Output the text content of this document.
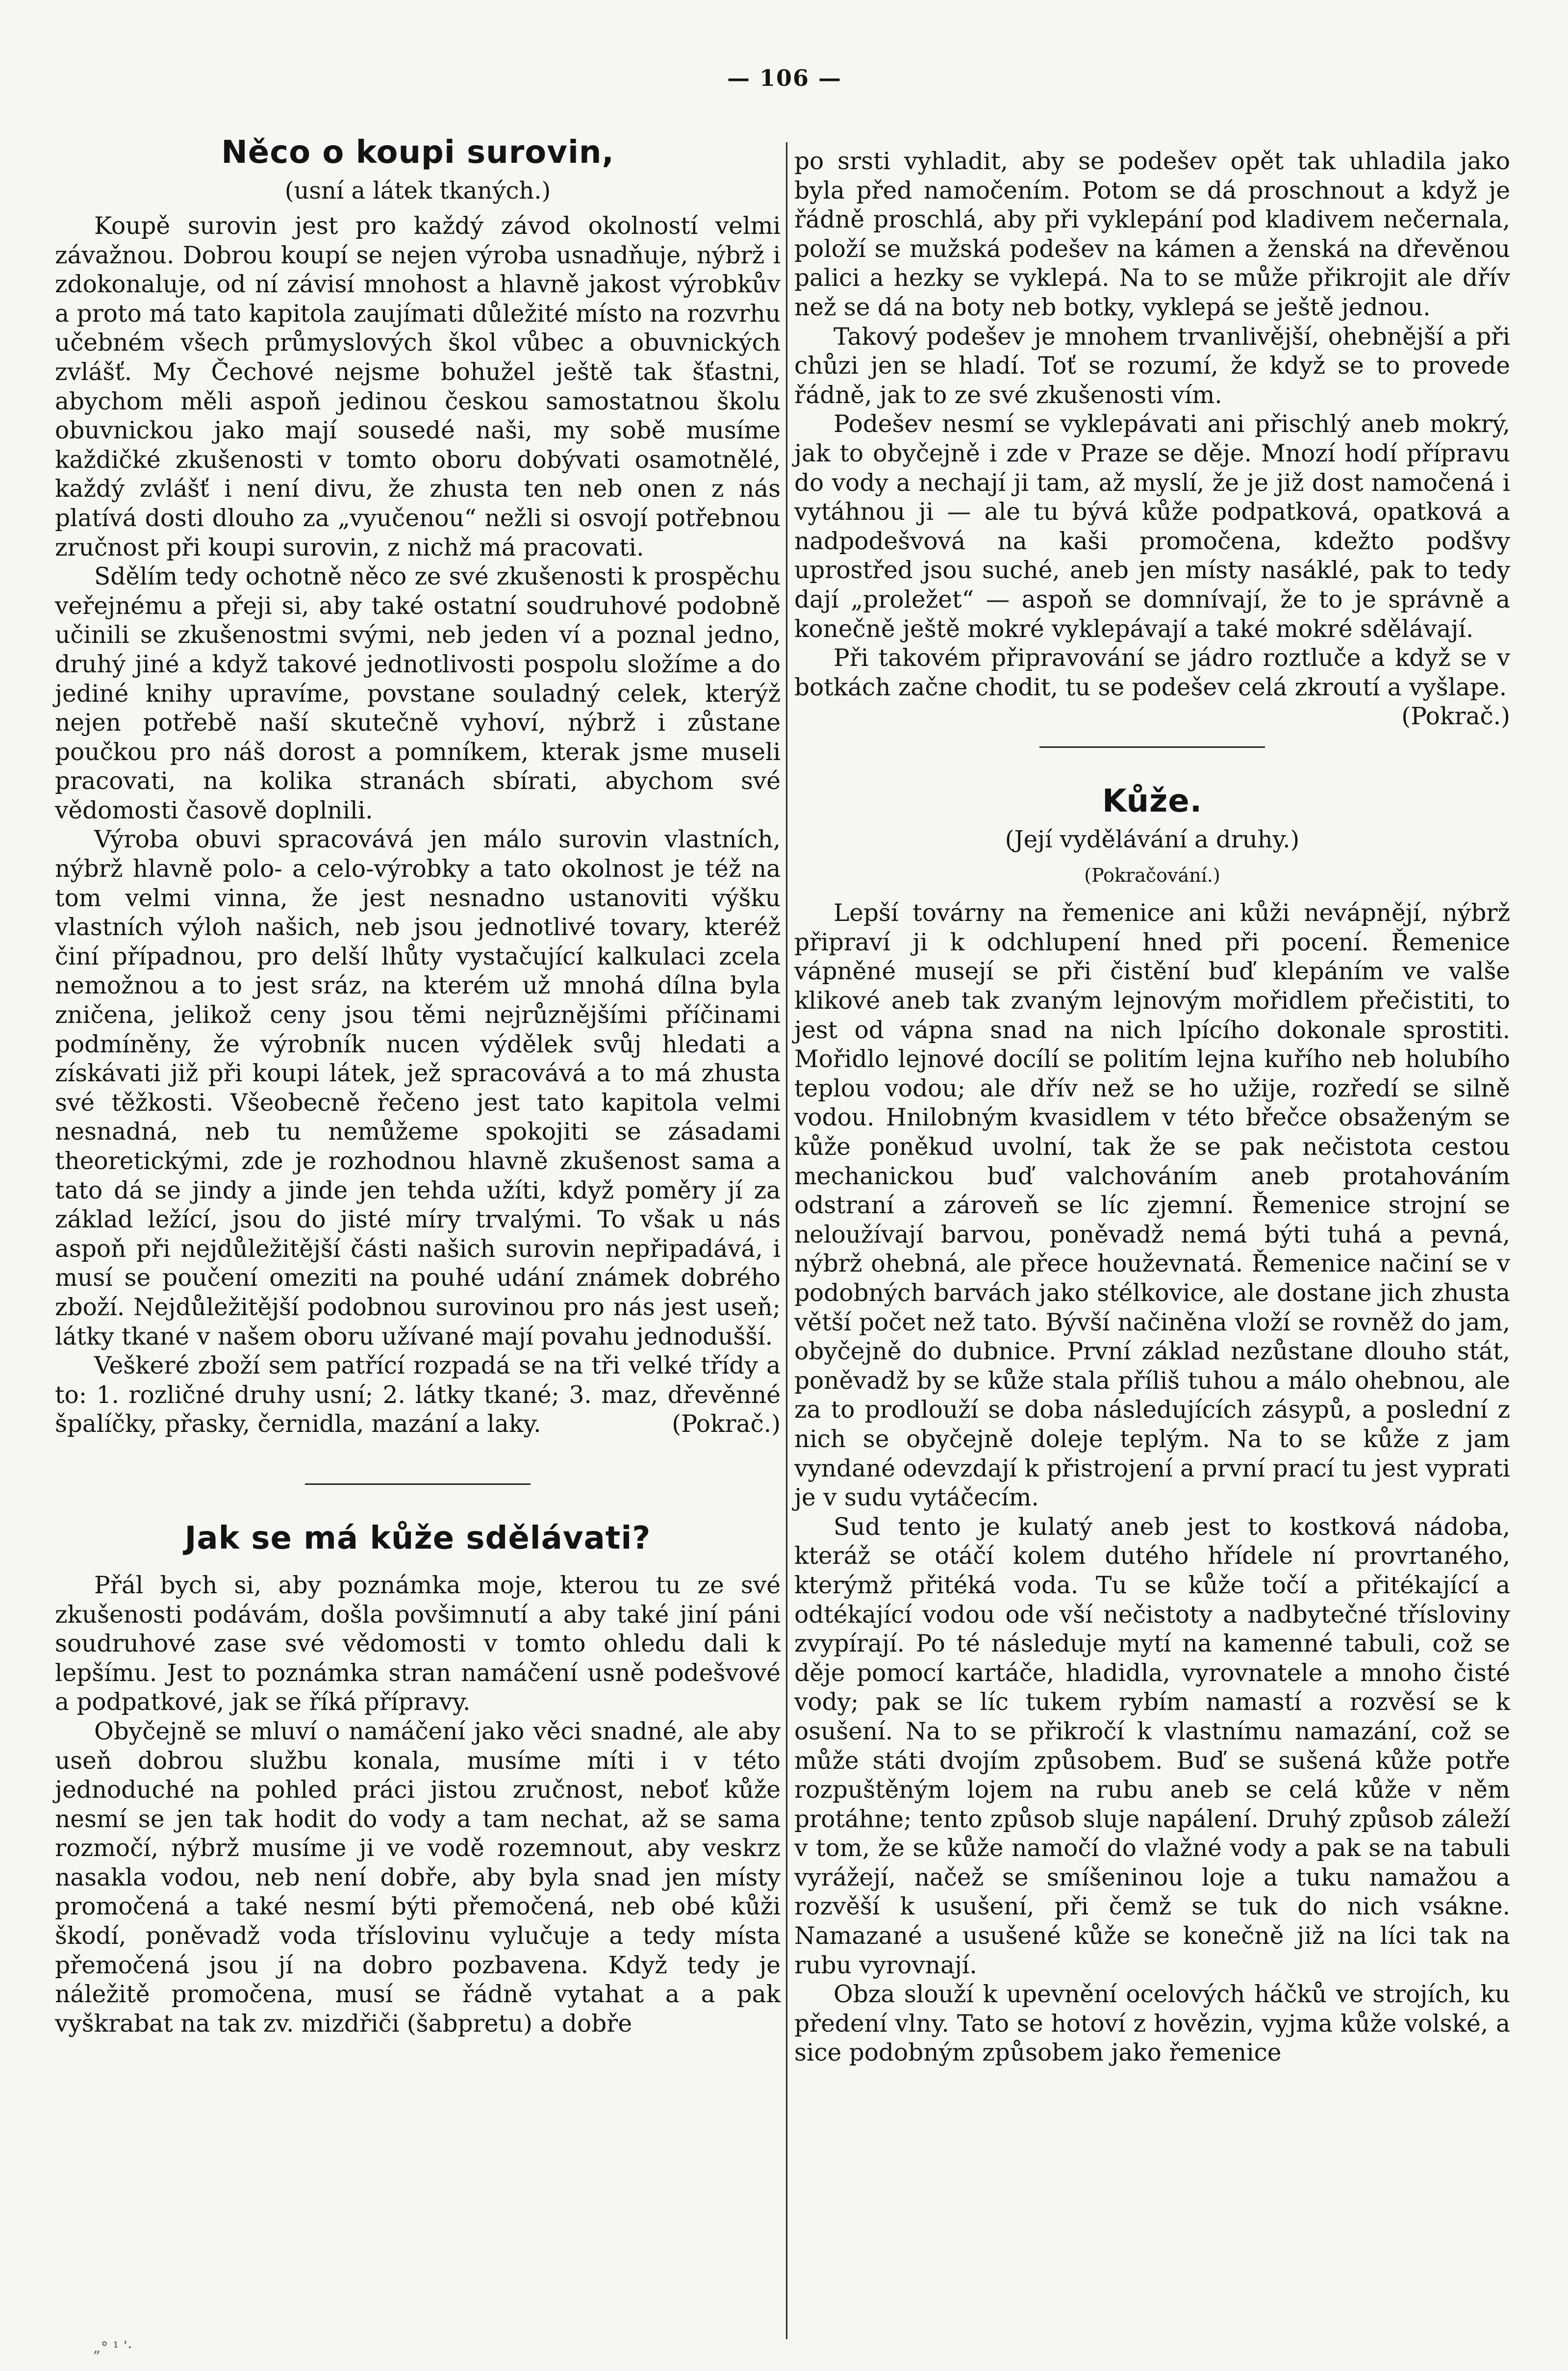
— 106 —
Něco o koupi surovin,
(usní a látek tkaných.)

Koupě surovin jest pro každý závod okolností velmi závažnou. Dobrou koupí se nejen výroba usnadňuje, nýbrž i zdokonaluje, od ní závisí mnohost a hlavně jakost výrobkův a proto má tato kapitola zaujímati důležité místo na rozvrhu učebném všech průmyslových škol vůbec a obuvnických zvlášť. My Čechové nejsme bohužel ještě tak šťastni, abychom měli aspoň jedinou českou samostatnou školu obuvnickou jako mají sousedé naši, my sobě musíme každičké zkušenosti v tomto oboru dobývati osamotnělé, každý zvlášť i není divu, že zhusta ten neb onen z nás platívá dosti dlouho za „vyučenou“ nežli si osvojí potřebnou zručnost při koupi surovin, z nichž má pracovati.

Sdělím tedy ochotně něco ze své zkušenosti k prospěchu veřejnému a přeji si, aby také ostatní soudruhové podobně učinili se zkušenostmi svými, neb jeden ví a poznal jedno, druhý jiné a když takové jednotlivosti pospolu složíme a do jediné knihy upravíme, povstane souladný celek, kterýž nejen potřebě naší skutečně vyhoví, nýbrž i zůstane poučkou pro náš dorost a pomníkem, kterak jsme museli pracovati, na kolika stranách sbírati, abychom své vědomosti časově doplnili.

Výroba obuvi spracovává jen málo surovin vlastních, nýbrž hlavně polo- a celo-výrobky a tato okolnost je též na tom velmi vinna, že jest nesnadno ustanoviti výšku vlastních výloh našich, neb jsou jednotlivé tovary, kteréž činí případnou, pro delší lhůty vystačující kalkulaci zcela nemožnou a to jest sráz, na kterém už mnohá dílna byla zničena, jelikož ceny jsou těmi nejrůznějšími příčinami podmíněny, že výrobník nucen výdělek svůj hledati a získávati již při koupi látek, jež spracovává a to má zhusta své těžkosti. Všeobecně řečeno jest tato kapitola velmi nesnadná, neb tu nemůžeme spokojiti se zásadami theoretickými, zde je rozhodnou hlavně zkušenost sama a tato dá se jindy a jinde jen tehda užíti, když poměry jí za základ ležící, jsou do jisté míry trvalými. To však u nás aspoň při nejdůležitější části našich surovin nepřipadává, i musí se poučení omeziti na pouhé udání známek dobrého zboží. Nejdůležitější podobnou surovinou pro nás jest useň; látky tkané v našem oboru užívané mají povahu jednodušší.

Veškeré zboží sem patřící rozpadá se na tři velké třídy a to: 1. rozličné druhy usní; 2. látky tkané; 3. maz, dřevěnné špalíčky, přasky, černidla, mazání a laky.	(Pokrač.)

Jak se má kůže sdělávati?

Přál bych si, aby poznámka moje, kterou tu ze své zkušenosti podávám, došla povšimnutí a aby také jiní páni soudruhové zase své vědomosti v tomto ohledu dali k lepšímu. Jest to poznámka stran namáčení usně podešvové a podpatkové, jak se říká přípravy.

Obyčejně se mluví o namáčení jako věci snadné, ale aby useň dobrou službu konala, musíme míti i v této jednoduché na pohled práci jistou zručnost, neboť kůže nesmí se jen tak hodit do vody a tam nechat, až se sama rozmočí, nýbrž musíme ji ve vodě rozemnout, aby veskrz nasakla vodou, neb není dobře, aby byla snad jen místy promočená a také nesmí býti přemočená, neb obé kůži škodí, poněvadž voda tříslovinu vylučuje a tedy místa přemočená jsou jí na dobro pozbavena. Když tedy je náležitě promočena, musí se řádně vytahat a a pak vyškrabat na tak zv. mizdřiči (šabpretu) a dobře

po srsti vyhladit, aby se podešev opět tak uhladila jako byla před namočením. Potom se dá proschnout a když je řádně proschlá, aby při vyklepání pod kladivem nečernala, položí se mužská podešev na kámen a ženská na dřevěnou palici a hezky se vyklepá. Na to se může přikrojit ale dřív než se dá na boty neb botky, vyklepá se ještě jednou.

Takový podešev je mnohem trvanlivější, ohebnější a při chůzi jen se hladí. Toť se rozumí, že když se to provede řádně, jak to ze své zkušenosti vím.

Podešev nesmí se vyklepávati ani přischlý aneb mokrý, jak to obyčejně i zde v Praze se děje. Mnozí hodí přípravu do vody a nechají ji tam, až myslí, že je již dost namočená i vytáhnou ji — ale tu bývá kůže podpatková, opatková a nadpodešvová na kaši promočena, kdežto podšvy uprostřed jsou suché, aneb jen místy nasáklé, pak to tedy dají „proležet“ — aspoň se domnívají, že to je správně a konečně ještě mokré vyklepávají a také mokré sdělávají.

Při takovém připravování se jádro roztluče a když se v botkách začne chodit, tu se podešev celá zkroutí a vyšlape.
(Pokrač.)

Kůže.
(Její vydělávání a druhy.)
(Pokračování.)

Lepší továrny na řemenice ani kůži nevápnějí, nýbrž připraví ji k odchlupení hned při pocení. Řemenice vápněné musejí se při čistění buď klepáním ve valše klikové aneb tak zvaným lejnovým mořidlem přečistiti, to jest od vápna snad na nich lpícího dokonale sprostiti. Mořidlo lejnové docílí se politím lejna kuřího neb holubího teplou vodou; ale dřív než se ho užije, rozředí se silně vodou. Hnilobným kvasidlem v této břečce obsaženým se kůže poněkud uvolní, tak že se pak nečistota cestou mechanickou buď valchováním aneb protahováním odstraní a zároveň se líc zjemní. Řemenice strojní se neloužívají barvou, poněvadž nemá býti tuhá a pevná, nýbrž ohebná, ale přece houževnatá. Řemenice načiní se v podobných barvách jako stélkovice, ale dostane jich zhusta větší počet než tato. Bývší načiněna vloží se rovněž do jam, obyčejně do dubnice. První základ nezůstane dlouho stát, poněvadž by se kůže stala příliš tuhou a málo ohebnou, ale za to prodlouží se doba následujících zásypů, a poslední z nich se obyčejně doleje teplým. Na to se kůže z jam vyndané odevzdají k přistrojení a první prací tu jest vyprati je v sudu vytáčecím.

Sud tento je kulatý aneb jest to kostková nádoba, kteráž se otáčí kolem dutého hřídele ní provrtaného, kterýmž přitéká voda. Tu se kůže točí a přitékající a odtékající vodou ode vší nečistoty a nadbytečné třísloviny zvypírají. Po té následuje mytí na kamenné tabuli, což se děje pomocí kartáče, hladidla, vyrovnatele a mnoho čisté vody; pak se líc tukem rybím namastí a rozvěsí se k osušení. Na to se přikročí k vlastnímu namazání, což se může státi dvojím způsobem. Buď se sušená kůže potře rozpuštěným lojem na rubu aneb se celá kůže v něm protáhne; tento způsob sluje napálení. Druhý způsob záleží v tom, že se kůže namočí do vlažné vody a pak se na tabuli vyrážejí, načež se smíšeninou loje a tuku namažou a rozvěší k usušení, při čemž se tuk do nich vsákne. Namazané a usušené kůže se konečně již na líci tak na rubu vyrovnají.

Obza slouží k upevnění ocelových háčků ve strojích, ku předení vlny. Tato se hotoví z hovězin, vyjma kůže volské, a sice podobným způsobem jako řemenice

„° ¹ ʹ·
